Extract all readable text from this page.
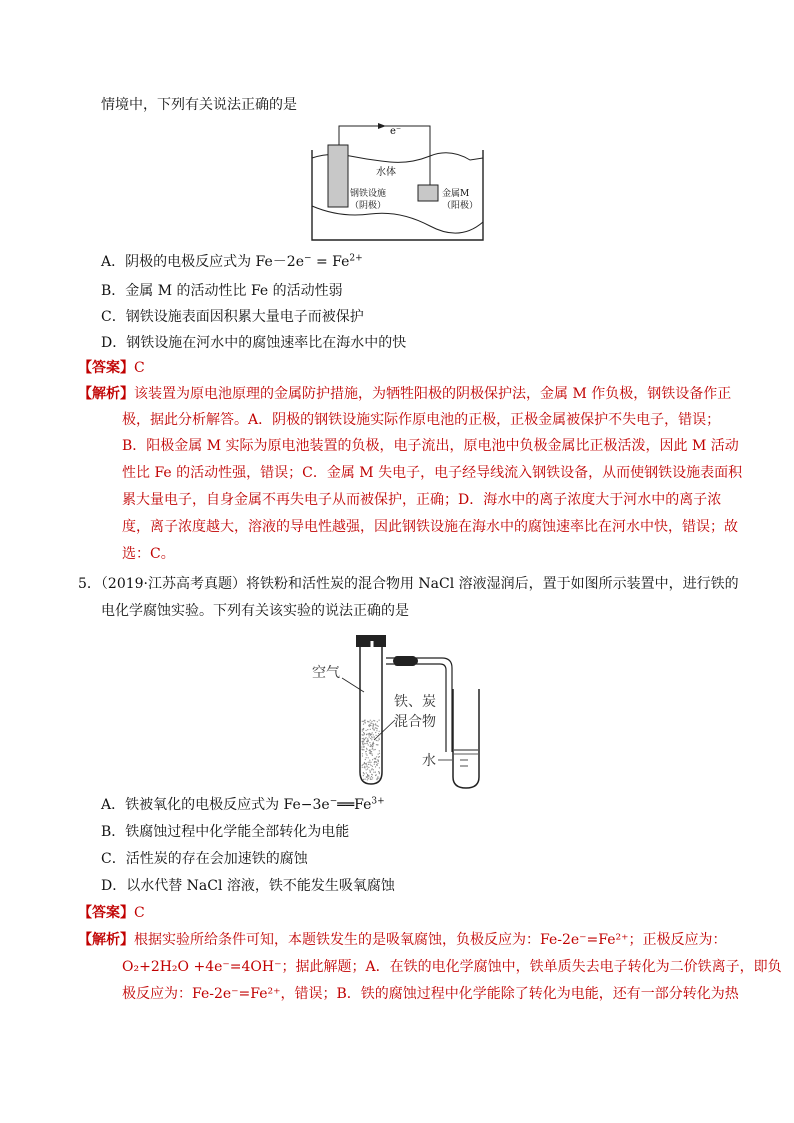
情境中，下列有关说法正确的是
e⁻
水体
钢铁设施
（阴极）
金属M
（阳极）
A．阴极的电极反应式为 $Fe-2e^- = Fe^{2+}$
B．金属 M 的活动性比 Fe 的活动性弱
C．钢铁设施表面因积累大量电子而被保护
D．钢铁设施在河水中的腐蚀速率比在海水中的快
【答案】C
【解析】该装置为原电池原理的金属防护措施，为牺牲阳极的阴极保护法，金属 M 作负极，钢铁设备作正
极，据此分析解答。A．阴极的钢铁设施实际作原电池的正极，正极金属被保护不失电子，错误；
B．阳极金属 M 实际为原电池装置的负极，电子流出，原电池中负极金属比正极活泼，因此 M 活动
性比 Fe 的活动性强，错误；C．金属 M 失电子，电子经导线流入钢铁设备，从而使钢铁设施表面积
累大量电子，自身金属不再失电子从而被保护，正确；D．海水中的离子浓度大于河水中的离子浓
度，离子浓度越大，溶液的导电性越强，因此钢铁设施在海水中的腐蚀速率比在河水中快，错误；故
选：C。
5．（2019·江苏高考真题）将铁粉和活性炭的混合物用 NaCl 溶液湿润后，置于如图所示装置中，进行铁的
电化学腐蚀实验。下列有关该实验的说法正确的是
空气
铁、炭
混合物
水
A．铁被氧化的电极反应式为 $Fe-3e^-══Fe^{3+}$
B．铁腐蚀过程中化学能全部转化为电能
C．活性炭的存在会加速铁的腐蚀
D．以水代替 NaCl 溶液，铁不能发生吸氧腐蚀
【答案】C
【解析】根据实验所给条件可知，本题铁发生的是吸氧腐蚀，负极反应为：Fe-2e⁻=Fe²⁺；正极反应为：
O₂+2H₂O +4e⁻=4OH⁻；据此解题；A．在铁的电化学腐蚀中，铁单质失去电子转化为二价铁离子，即负
极反应为：Fe-2e⁻=Fe²⁺，错误；B．铁的腐蚀过程中化学能除了转化为电能，还有一部分转化为热
